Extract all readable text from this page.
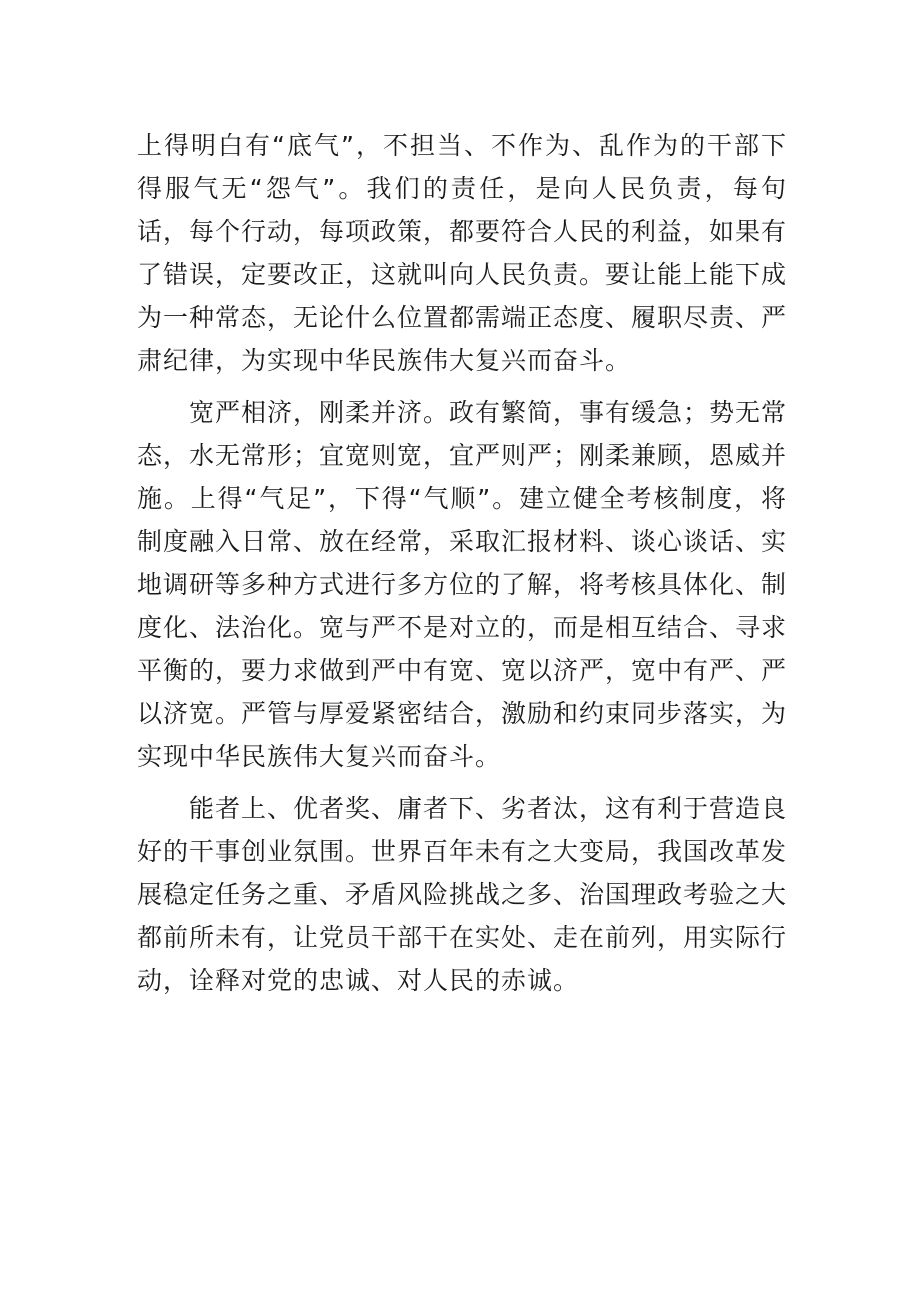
上得明白有“底气”，不担当、不作为、乱作为的干部下得服气无“怨气”。我们的责任，是向人民负责，每句话，每个行动，每项政策，都要符合人民的利益，如果有了错误，定要改正，这就叫向人民负责。要让能上能下成为一种常态，无论什么位置都需端正态度、履职尽责、严肃纪律，为实现中华民族伟大复兴而奋斗。

宽严相济，刚柔并济。政有繁简，事有缓急；势无常态，水无常形；宜宽则宽，宜严则严；刚柔兼顾，恩威并施。上得“气足”，下得“气顺”。建立健全考核制度，将制度融入日常、放在经常，采取汇报材料、谈心谈话、实地调研等多种方式进行多方位的了解，将考核具体化、制度化、法治化。宽与严不是对立的，而是相互结合、寻求平衡的，要力求做到严中有宽、宽以济严，宽中有严、严以济宽。严管与厚爱紧密结合，激励和约束同步落实，为实现中华民族伟大复兴而奋斗。

能者上、优者奖、庸者下、劣者汰，这有利于营造良好的干事创业氛围。世界百年未有之大变局，我国改革发展稳定任务之重、矛盾风险挑战之多、治国理政考验之大都前所未有，让党员干部干在实处、走在前列，用实际行动，诠释对党的忠诚、对人民的赤诚。
